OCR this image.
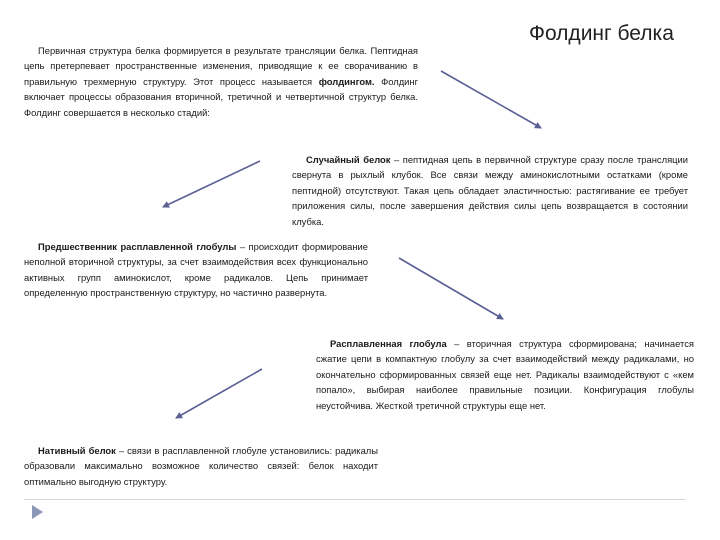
Фолдинг белка
Первичная структура белка формируется в результате трансляции белка. Пептидная цепь претерпевает пространственные изменения, приводящие к ее сворачиванию в правильную трехмерную структуру. Этот процесс называется фолдингом. Фолдинг включает процессы образования вторичной, третичной и четвертичной структур белка. Фолдинг совершается в несколько стадий:
Случайный белок – пептидная цепь в первичной структуре сразу после трансляции свернута в рыхлый клубок. Все связи между аминокислотными остатками (кроме пептидной) отсутствуют. Такая цепь обладает эластичностью: растягивание ее требует приложения силы, после завершения действия силы цепь возвращается в состоянии клубка.
Предшественник расплавленной глобулы – происходит формирование неполной вторичной структуры, за счет взаимодействия всех функционально активных групп аминокислот, кроме радикалов. Цепь принимает определенную пространственную структуру, но частично развернута.
Расплавленная глобула – вторичная структура сформирована; начинается сжатие цепи в компактную глобулу за счет взаимодействий между радикалами, но окончательно сформированных связей еще нет. Радикалы взаимодействуют с «кем попало», выбирая наиболее правильные позиции. Конфигурация глобулы неустойчива. Жесткой третичной структуры еще нет.
Нативный белок – связи в расплавленной глобуле установились: радикалы образовали максимально возможное количество связей: белок находит оптимально выгодную структуру.
